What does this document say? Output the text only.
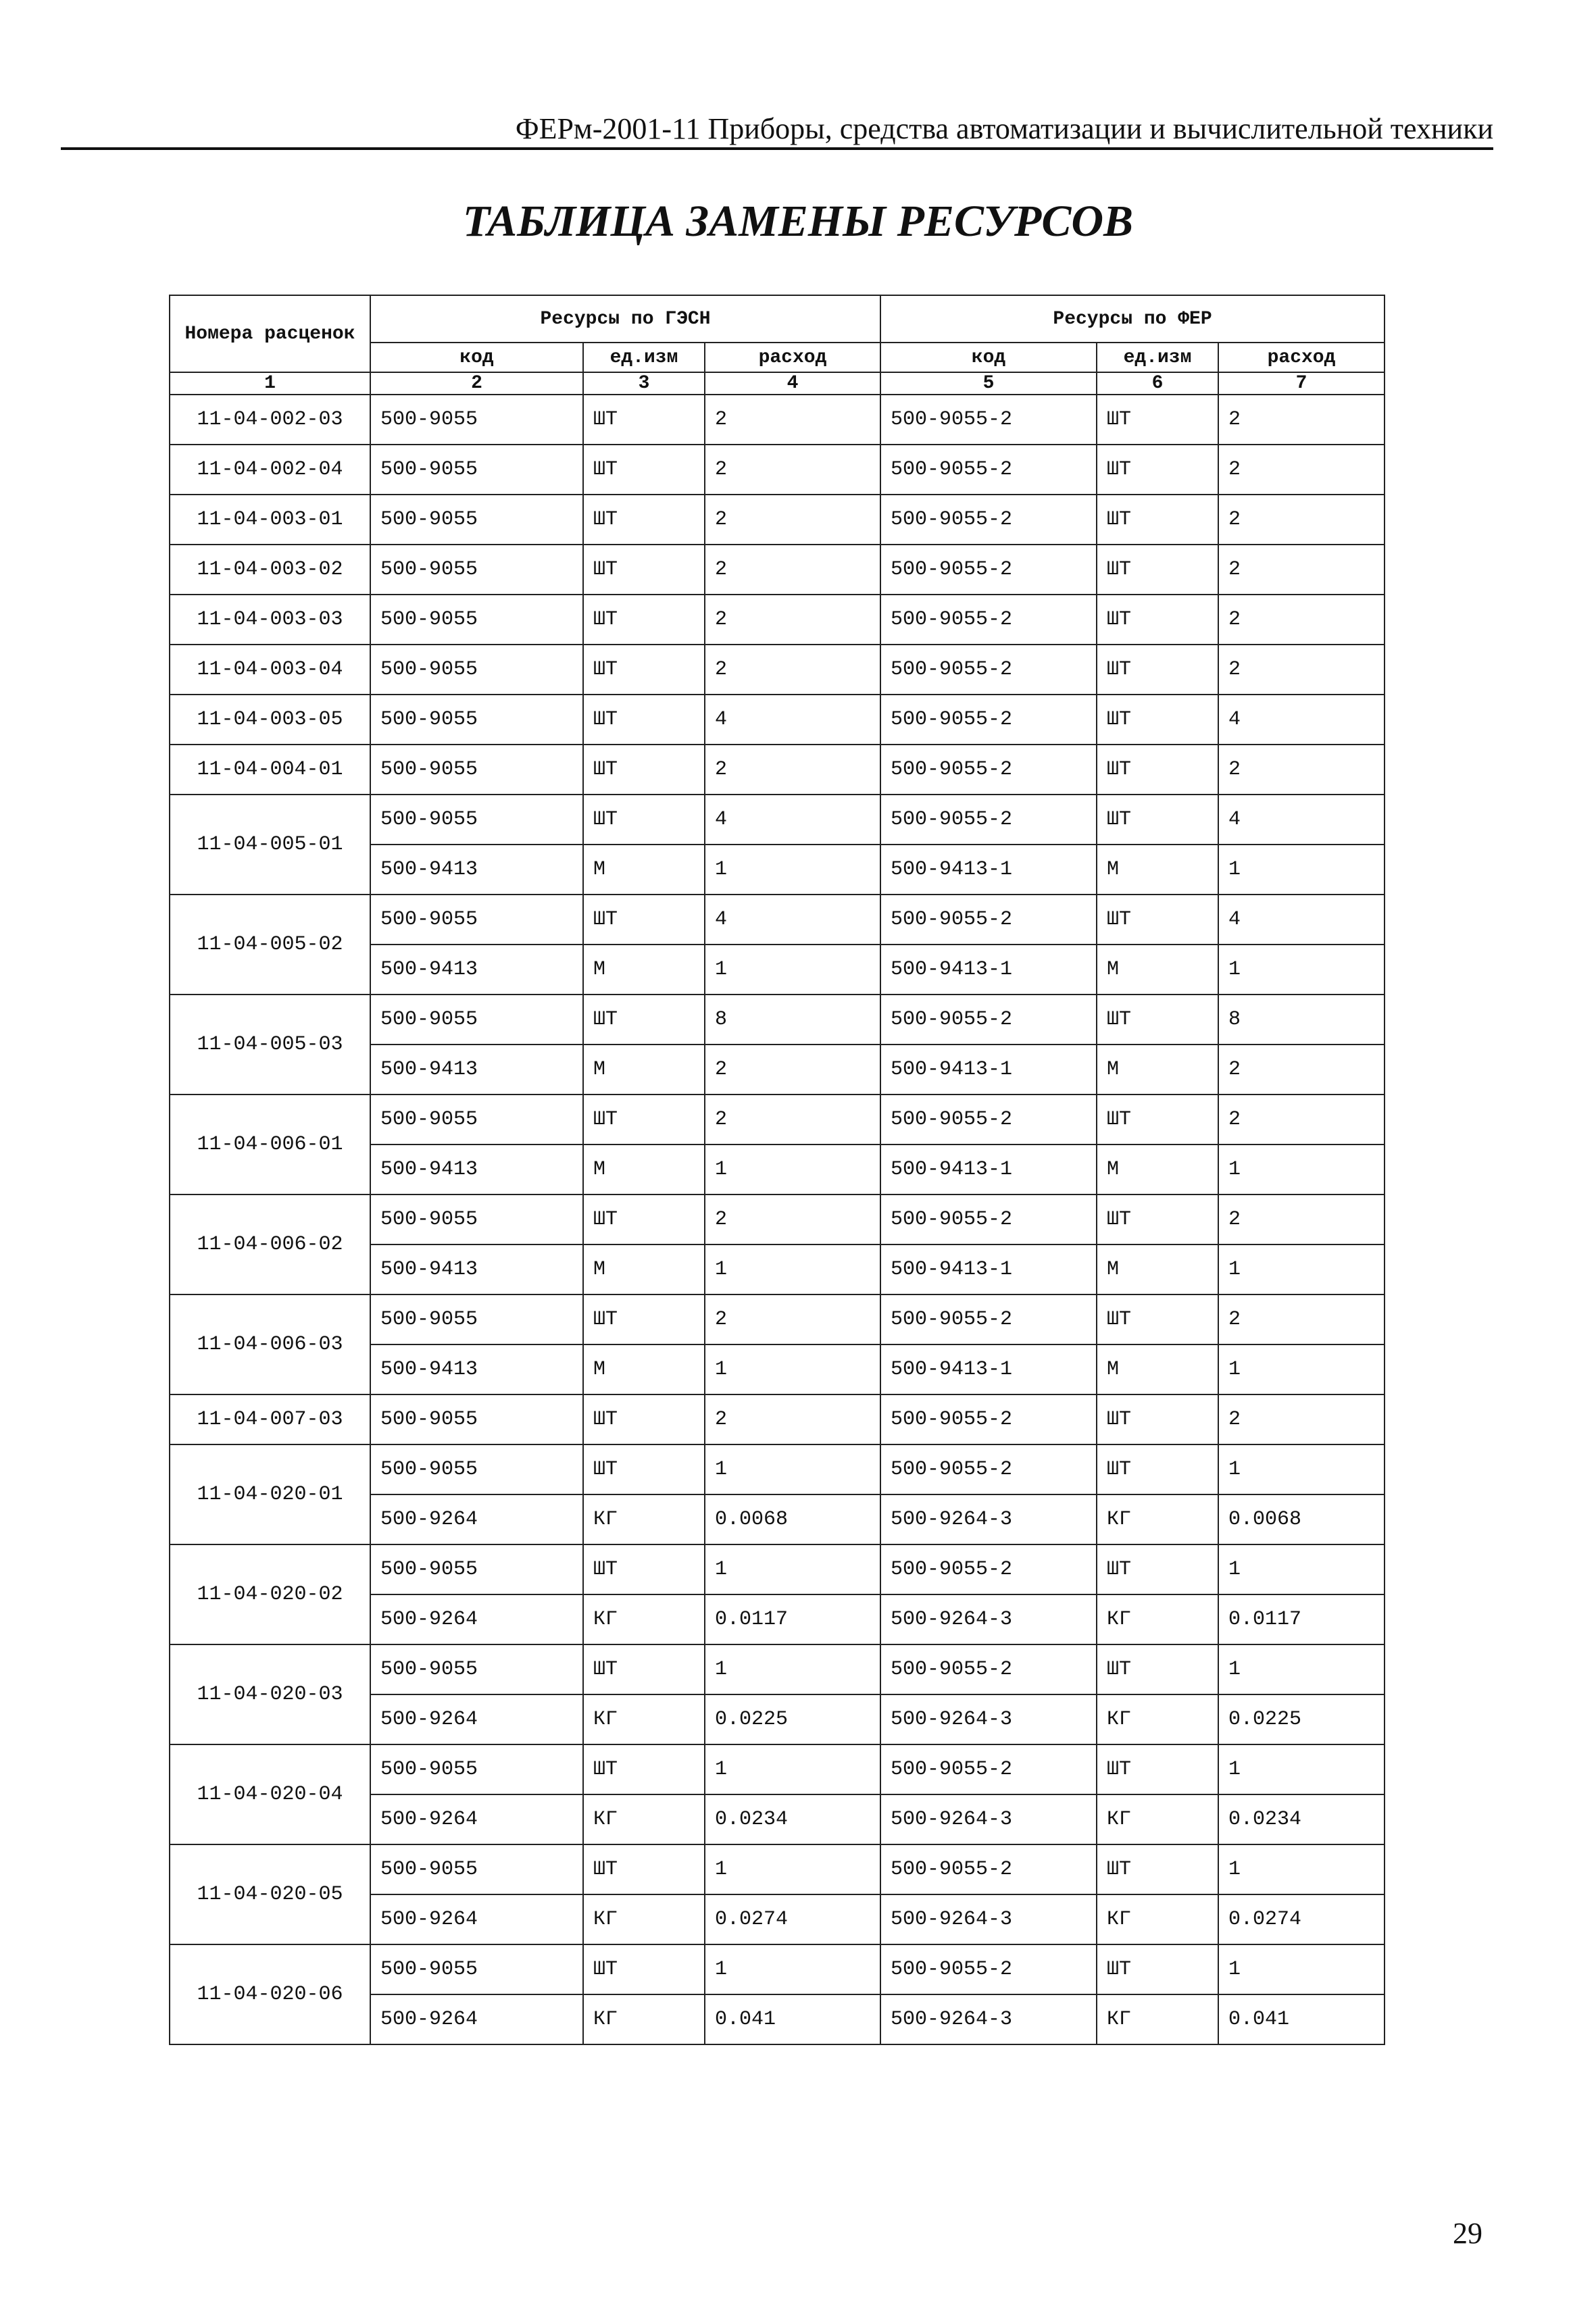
ФЕРм-2001-11 Приборы, средства автоматизации и вычислительной техники
ТАБЛИЦА ЗАМЕНЫ РЕСУРСОВ
Номера расценок	Ресурсы по ГЭСН			Ресурсы по ФЕР		
	код	ед.изм	расход	код	ед.изм	расход
1	2	3	4	5	6	7
11-04-002-03	500-9055	ШТ	2	500-9055-2	ШТ	2
11-04-002-04	500-9055	ШТ	2	500-9055-2	ШТ	2
11-04-003-01	500-9055	ШТ	2	500-9055-2	ШТ	2
11-04-003-02	500-9055	ШТ	2	500-9055-2	ШТ	2
11-04-003-03	500-9055	ШТ	2	500-9055-2	ШТ	2
11-04-003-04	500-9055	ШТ	2	500-9055-2	ШТ	2
11-04-003-05	500-9055	ШТ	4	500-9055-2	ШТ	4
11-04-004-01	500-9055	ШТ	2	500-9055-2	ШТ	2
11-04-005-01	500-9055	ШТ	4	500-9055-2	ШТ	4
	500-9413	М	1	500-9413-1	М	1
11-04-005-02	500-9055	ШТ	4	500-9055-2	ШТ	4
	500-9413	М	1	500-9413-1	М	1
11-04-005-03	500-9055	ШТ	8	500-9055-2	ШТ	8
	500-9413	М	2	500-9413-1	М	2
11-04-006-01	500-9055	ШТ	2	500-9055-2	ШТ	2
	500-9413	М	1	500-9413-1	М	1
11-04-006-02	500-9055	ШТ	2	500-9055-2	ШТ	2
	500-9413	М	1	500-9413-1	М	1
11-04-006-03	500-9055	ШТ	2	500-9055-2	ШТ	2
	500-9413	М	1	500-9413-1	М	1
11-04-007-03	500-9055	ШТ	2	500-9055-2	ШТ	2
11-04-020-01	500-9055	ШТ	1	500-9055-2	ШТ	1
	500-9264	КГ	0.0068	500-9264-3	КГ	0.0068
11-04-020-02	500-9055	ШТ	1	500-9055-2	ШТ	1
	500-9264	КГ	0.0117	500-9264-3	КГ	0.0117
11-04-020-03	500-9055	ШТ	1	500-9055-2	ШТ	1
	500-9264	КГ	0.0225	500-9264-3	КГ	0.0225
11-04-020-04	500-9055	ШТ	1	500-9055-2	ШТ	1
	500-9264	КГ	0.0234	500-9264-3	КГ	0.0234
11-04-020-05	500-9055	ШТ	1	500-9055-2	ШТ	1
	500-9264	КГ	0.0274	500-9264-3	КГ	0.0274
11-04-020-06	500-9055	ШТ	1	500-9055-2	ШТ	1
	500-9264	КГ	0.041	500-9264-3	КГ	0.041
29
